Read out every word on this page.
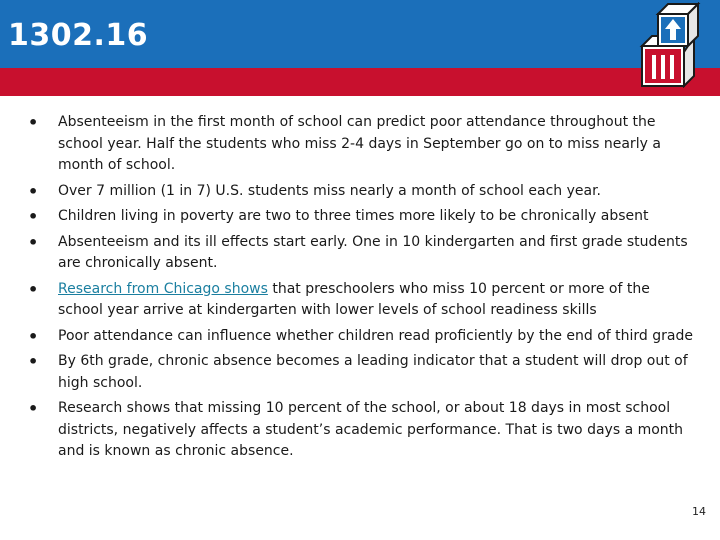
1302.16
• Absenteeism in the first month of school can predict poor attendance throughout the school year. Half the students who miss 2-4 days in September go on to miss nearly a month of school.
• Over 7 million (1 in 7) U.S. students miss nearly a month of school each year.
• Children living in poverty are two to three times more likely to be chronically absent
• Absenteeism and its ill effects start early. One in 10 kindergarten and first grade students are chronically absent.
• Research from Chicago shows that preschoolers who miss 10 percent or more of the school year arrive at kindergarten with lower levels of school readiness skills
• Poor attendance can influence whether children read proficiently by the end of third grade
• By 6th grade, chronic absence becomes a leading indicator that a student will drop out of high school.
• Research shows that missing 10 percent of the school, or about 18 days in most school districts, negatively affects a student’s academic performance. That is two days a month and is known as chronic absence.
14
